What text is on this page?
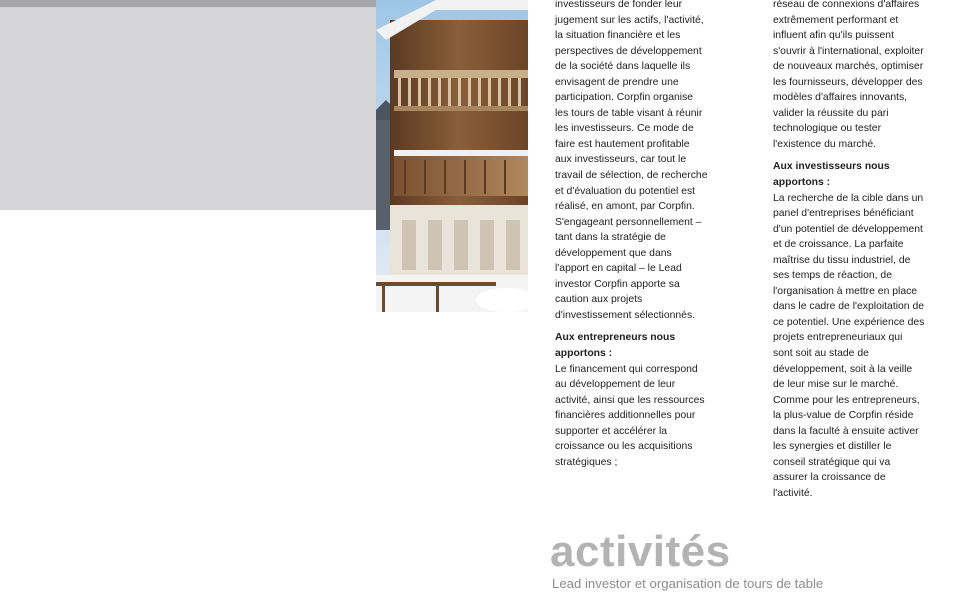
investisseurs de fonder leur
jugement sur les actifs, l'activité,
la situation financière et les
perspectives de développement
de la société dans laquelle ils
envisagent de prendre une
participation. Corpfin organise
les tours de table visant à réunir
les investisseurs. Ce mode de
faire est hautement profitable
aux investisseurs, car tout le
travail de sélection, de recherche
et d'évaluation du potentiel est
réalisé, en amont, par Corpfin.
S'engageant personnellement –
tant dans la stratégie de
développement que dans
l'apport en capital – le Lead
investor Corpfin apporte sa
caution aux projets
d'investissement sélectionnés.

Aux entrepreneurs nous
apportons :

Le financement qui correspond
au développement de leur
activité, ainsi que les ressources
financières additionnelles pour
supporter et accélérer la
croissance ou les acquisitions
stratégiques ;

réseau de connexions d'affaires
extrêmement performant et
influent afin qu'ils puissent
s'ouvrir à l'international, exploiter
de nouveaux marchés, optimiser
les fournisseurs, développer des
modèles d'affaires innovants,
valider la réussite du pari
technologique ou tester
l'existence du marché.

Aux investisseurs nous
apportons :

La recherche de la cible dans un
panel d'entreprises bénéficiant
d'un potentiel de développement
et de croissance. La parfaite
maîtrise du tissu industriel, de
ses temps de réaction, de
l'organisation à mettre en place
dans le cadre de l'exploitation de
ce potentiel. Une expérience des
projets entrepreneuriaux qui
sont soit au stade de
développement, soit à la veille
de leur mise sur le marché.
Comme pour les entrepreneurs,
la plus-value de Corpfin réside
dans la faculté à ensuite activer
les synergies et distiller le
conseil stratégique qui va
assurer la croissance de
l'activité.

activités
Lead investor et organisation de tours de table
